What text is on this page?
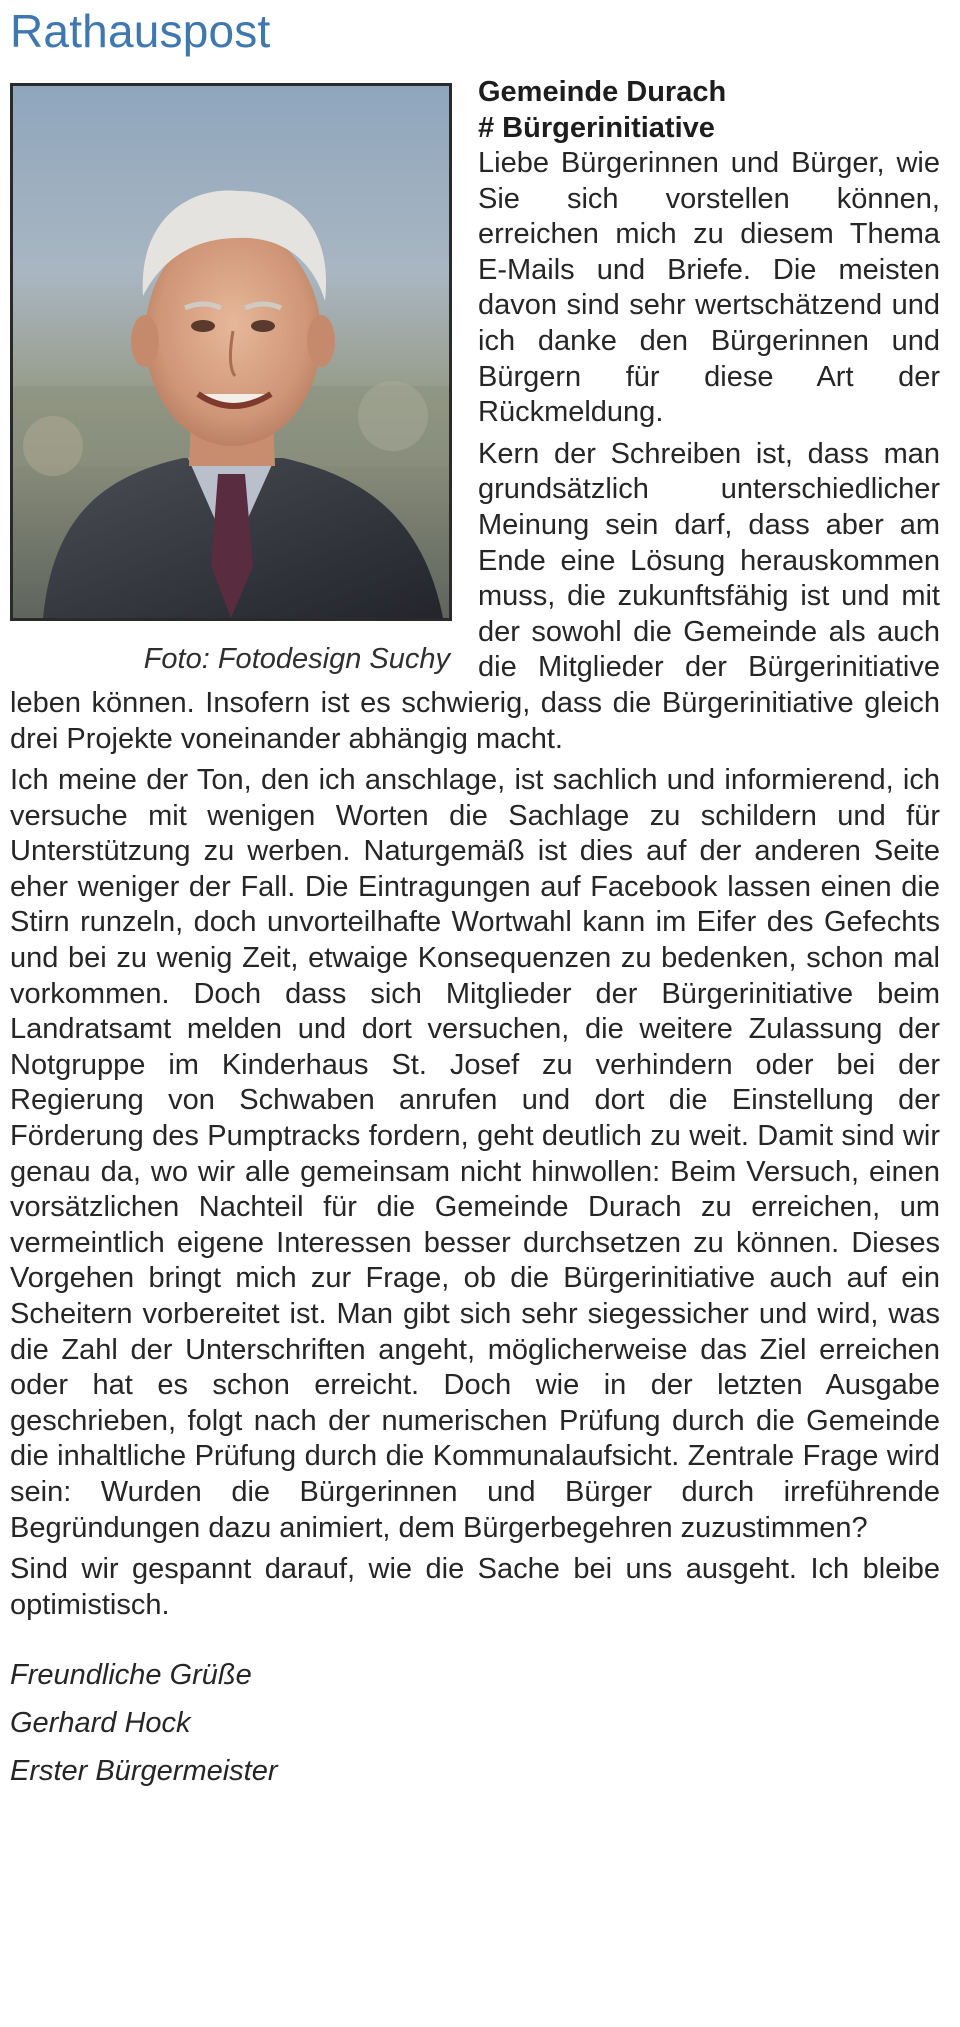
Rathauspost
Foto: Fotodesign Suchy

Gemeinde Durach

# Bürgerinitiative

Liebe Bürgerinnen und Bürger, wie Sie sich vorstellen können, erreichen mich zu diesem Thema E-Mails und Briefe. Die meisten davon sind sehr wertschätzend und ich danke den Bürgerinnen und Bürgern für diese Art der Rückmeldung.

Kern der Schreiben ist, dass man grundsätzlich unterschiedlicher Meinung sein darf, dass aber am Ende eine Lösung herauskommen muss, die zukunftsfähig ist und mit der sowohl die Gemeinde als auch die Mitglieder der Bürgerinitiative leben können. Insofern ist es schwierig, dass die Bürgerinitiative gleich drei Projekte voneinander abhängig macht.

Ich meine der Ton, den ich anschlage, ist sachlich und informierend, ich versuche mit wenigen Worten die Sachlage zu schildern und für Unterstützung zu werben. Naturgemäß ist dies auf der anderen Seite eher weniger der Fall. Die Eintragungen auf Facebook lassen einen die Stirn runzeln, doch unvorteilhafte Wortwahl kann im Eifer des Gefechts und bei zu wenig Zeit, etwaige Konsequenzen zu bedenken, schon mal vorkommen. Doch dass sich Mitglieder der Bürgerinitiative beim Landratsamt melden und dort versuchen, die weitere Zulassung der Notgruppe im Kinderhaus St. Josef zu verhindern oder bei der Regierung von Schwaben anrufen und dort die Einstellung der Förderung des Pumptracks fordern, geht deutlich zu weit. Damit sind wir genau da, wo wir alle gemeinsam nicht hinwollen: Beim Versuch, einen vorsätzlichen Nachteil für die Gemeinde Durach zu erreichen, um vermeintlich eigene Interessen besser durchsetzen zu können. Dieses Vorgehen bringt mich zur Frage, ob die Bürgerinitiative auch auf ein Scheitern vorbereitet ist. Man gibt sich sehr siegessicher und wird, was die Zahl der Unterschriften angeht, möglicherweise das Ziel erreichen oder hat es schon erreicht. Doch wie in der letzten Ausgabe geschrieben, folgt nach der numerischen Prüfung durch die Gemeinde die inhaltliche Prüfung durch die Kommunalaufsicht. Zentrale Frage wird sein: Wurden die Bürgerinnen und Bürger durch irreführende Begründungen dazu animiert, dem Bürgerbegehren zuzustimmen?

Sind wir gespannt darauf, wie die Sache bei uns ausgeht. Ich bleibe optimistisch.

Freundliche Grüße
Gerhard Hock
Erster Bürgermeister
